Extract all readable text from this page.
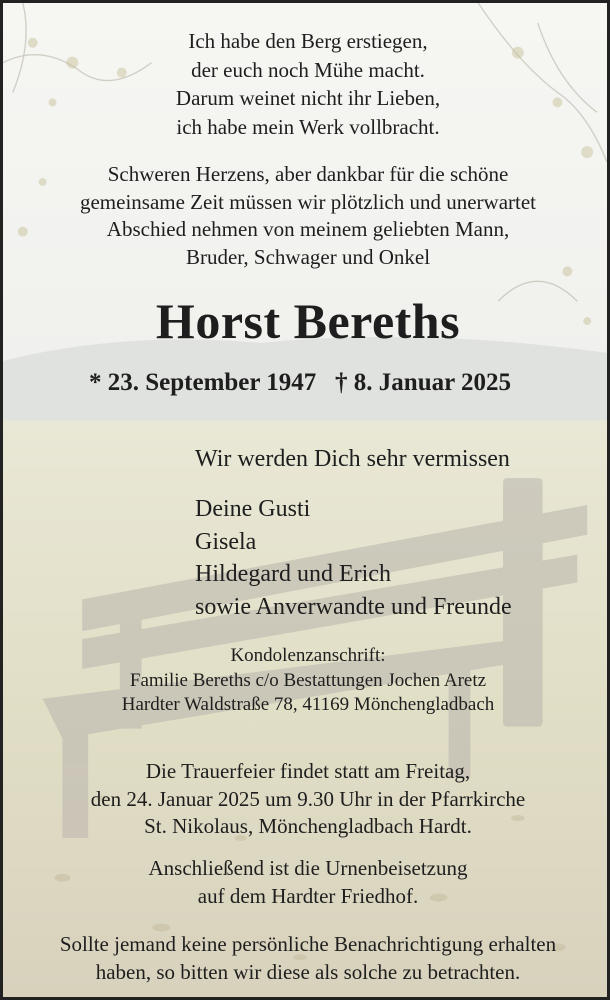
Ich habe den Berg erstiegen,
der euch noch Mühe macht.
Darum weinet nicht ihr Lieben,
ich habe mein Werk vollbracht.
Schweren Herzens, aber dankbar für die schöne
gemeinsame Zeit müssen wir plötzlich und unerwartet
Abschied nehmen von meinem geliebten Mann,
Bruder, Schwager und Onkel
Horst Bereths
* 23. September 1947 † 8. Januar 2025
Wir werden Dich sehr vermissen
Deine Gusti
Gisela
Hildegard und Erich
sowie Anverwandte und Freunde
Kondolenzanschrift:
Familie Bereths c/o Bestattungen Jochen Aretz
Hardter Waldstraße 78, 41169 Mönchengladbach
Die Trauerfeier findet statt am Freitag,
den 24. Januar 2025 um 9.30 Uhr in der Pfarrkirche
St. Nikolaus, Mönchengladbach Hardt.
Anschließend ist die Urnenbeisetzung
auf dem Hardter Friedhof.
Sollte jemand keine persönliche Benachrichtigung erhalten
haben, so bitten wir diese als solche zu betrachten.
